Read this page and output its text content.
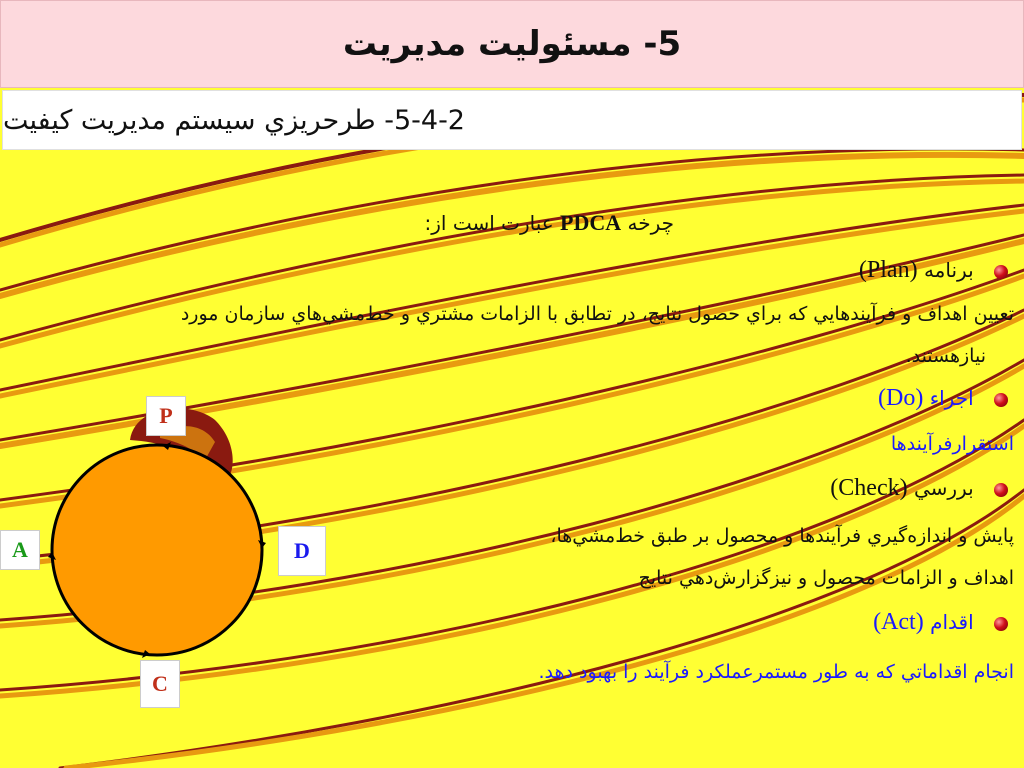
5- مسئوليت مديريت
5-4-2- طرحريزي سيستم مديريت كيفيت
چرخه PDCA عبارت است از:
برنامه (Plan)
تعيين اهداف و فرآيندهايي كه براي حصول نتايج، در تطابق با الزامات مشتري و خط‌مشي‌هاي سازمان مورد
نيازهستند.
اجراء (Do)
استقرارفرآيندها
بررسي (Check)
پايش و اندازه‌گيري فرآيندها و محصول بر طبق خط‌مشي‌ها،
اهداف و الزامات محصول و نيزگزارش‌دهي نتايج
اقدام (Act)
انجام اقداماتي كه به طور مستمرعملكرد فرآيند را بهبود دهد.
P
D
C
A
